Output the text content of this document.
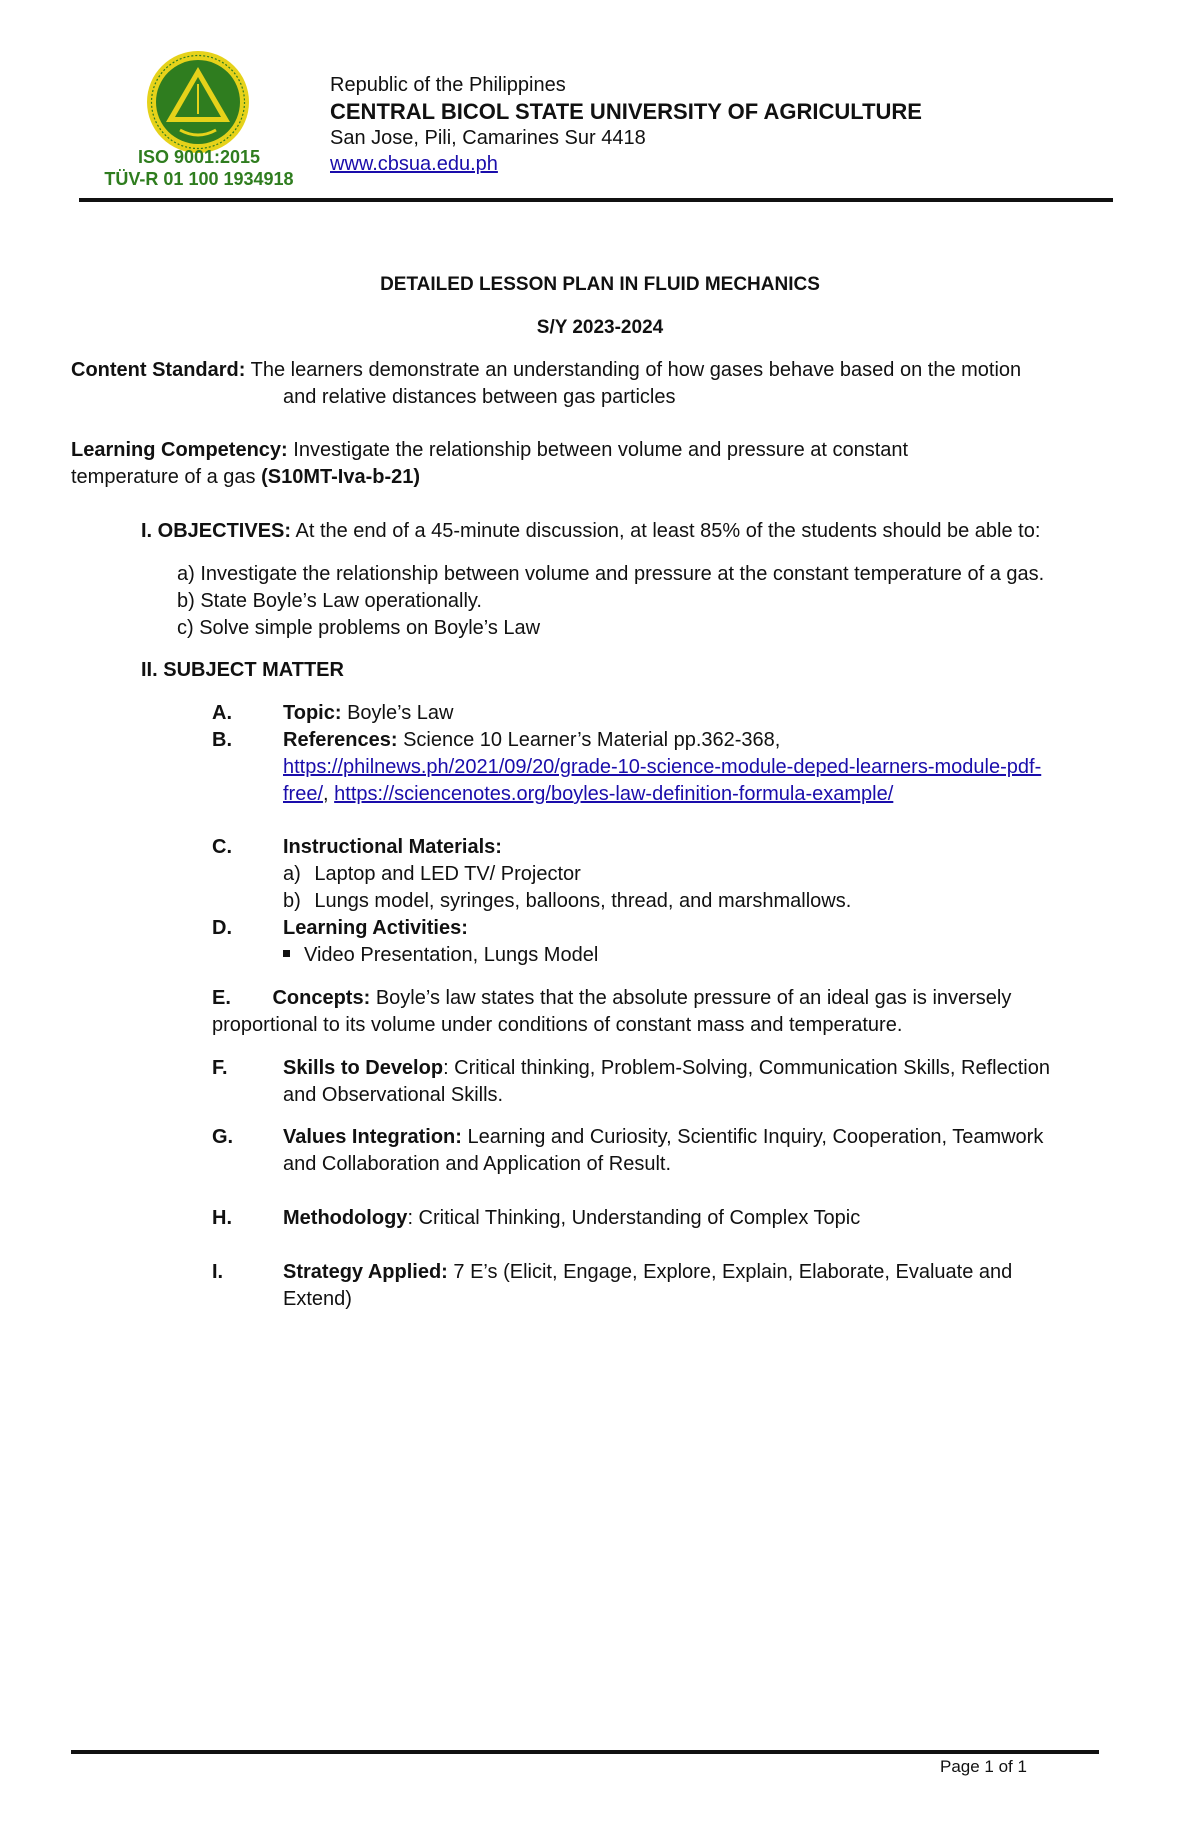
ISO 9001:2015
TÜV-R 01 100 1934918
Republic of the Philippines
CENTRAL BICOL STATE UNIVERSITY OF AGRICULTURE
San Jose, Pili, Camarines Sur 4418
www.cbsua.edu.ph
DETAILED LESSON PLAN IN FLUID MECHANICS
S/Y 2023-2024
Content Standard: The learners demonstrate an understanding of how gases behave based on the motion
and relative distances between gas particles
Learning Competency: Investigate the relationship between volume and pressure at constant
temperature of a gas (S10MT-Iva-b-21)
I. OBJECTIVES: At the end of a 45-minute discussion, at least 85% of the students should be able to:
a) Investigate the relationship between volume and pressure at the constant temperature of a gas.
b) State Boyle’s Law operationally.
c) Solve simple problems on Boyle’s Law
II. SUBJECT MATTER
A.	Topic: Boyle’s Law
B.	References: Science 10 Learner’s Material pp.362-368,
https://philnews.ph/2021/09/20/grade-10-science-module-deped-learners-module-pdf-
free/, https://sciencenotes.org/boyles-law-definition-formula-example/
C.	Instructional Materials:
a) Laptop and LED TV/ Projector
b) Lungs model, syringes, balloons, thread, and marshmallows.
D.	Learning Activities:
Video Presentation, Lungs Model
E. Concepts: Boyle’s law states that the absolute pressure of an ideal gas is inversely
proportional to its volume under conditions of constant mass and temperature.
F.	Skills to Develop: Critical thinking, Problem-Solving, Communication Skills, Reflection
and Observational Skills.
G. Values Integration: Learning and Curiosity, Scientific Inquiry, Cooperation, Teamwork
and Collaboration and Application of Result.
H.	Methodology: Critical Thinking, Understanding of Complex Topic
I.	Strategy Applied: 7 E’s (Elicit, Engage, Explore, Explain, Elaborate, Evaluate and
Extend)
Page 1 of 1
